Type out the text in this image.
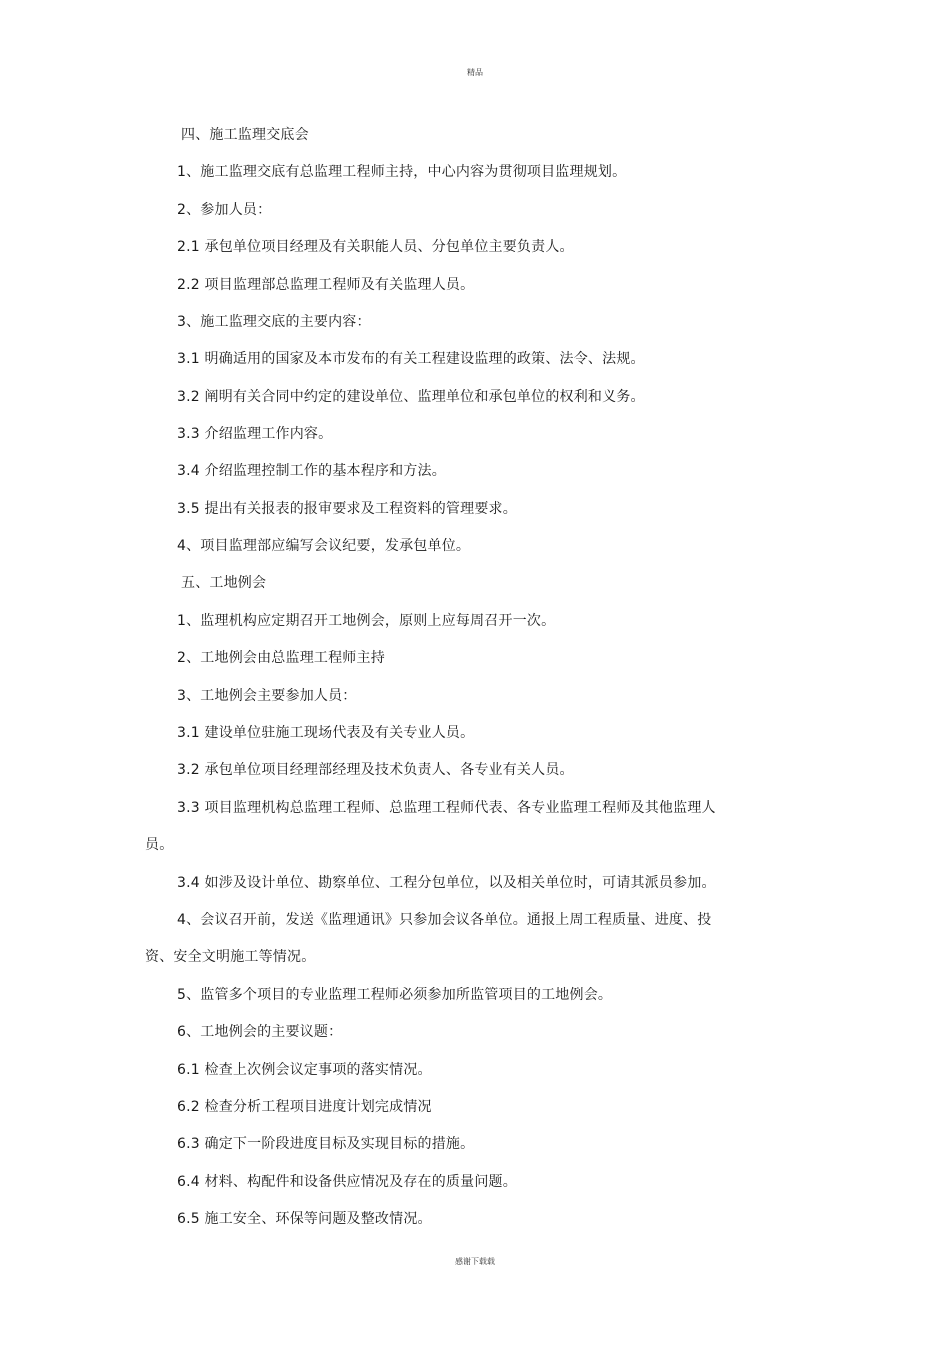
精品
四、施工监理交底会
1、施工监理交底有总监理工程师主持，中心内容为贯彻项目监理规划。
2、参加人员：
2.1 承包单位项目经理及有关职能人员、分包单位主要负责人。
2.2 项目监理部总监理工程师及有关监理人员。
3、施工监理交底的主要内容：
3.1 明确适用的国家及本市发布的有关工程建设监理的政策、法令、法规。
3.2 阐明有关合同中约定的建设单位、监理单位和承包单位的权利和义务。
3.3 介绍监理工作内容。
3.4 介绍监理控制工作的基本程序和方法。
3.5 提出有关报表的报审要求及工程资料的管理要求。
4、项目监理部应编写会议纪要，发承包单位。
五、工地例会
1、监理机构应定期召开工地例会，原则上应每周召开一次。
2、工地例会由总监理工程师主持
3、工地例会主要参加人员：
3.1 建设单位驻施工现场代表及有关专业人员。
3.2 承包单位项目经理部经理及技术负责人、各专业有关人员。
3.3 项目监理机构总监理工程师、总监理工程师代表、各专业监理工程师及其他监理人
员。
3.4 如涉及设计单位、勘察单位、工程分包单位，以及相关单位时，可请其派员参加。
4、会议召开前，发送《监理通讯》只参加会议各单位。通报上周工程质量、进度、投
资、安全文明施工等情况。
5、监管多个项目的专业监理工程师必须参加所监管项目的工地例会。
6、工地例会的主要议题：
6.1 检查上次例会议定事项的落实情况。
6.2 检查分析工程项目进度计划完成情况
6.3 确定下一阶段进度目标及实现目标的措施。
6.4 材料、构配件和设备供应情况及存在的质量问题。
6.5 施工安全、环保等问题及整改情况。
感谢下载载
